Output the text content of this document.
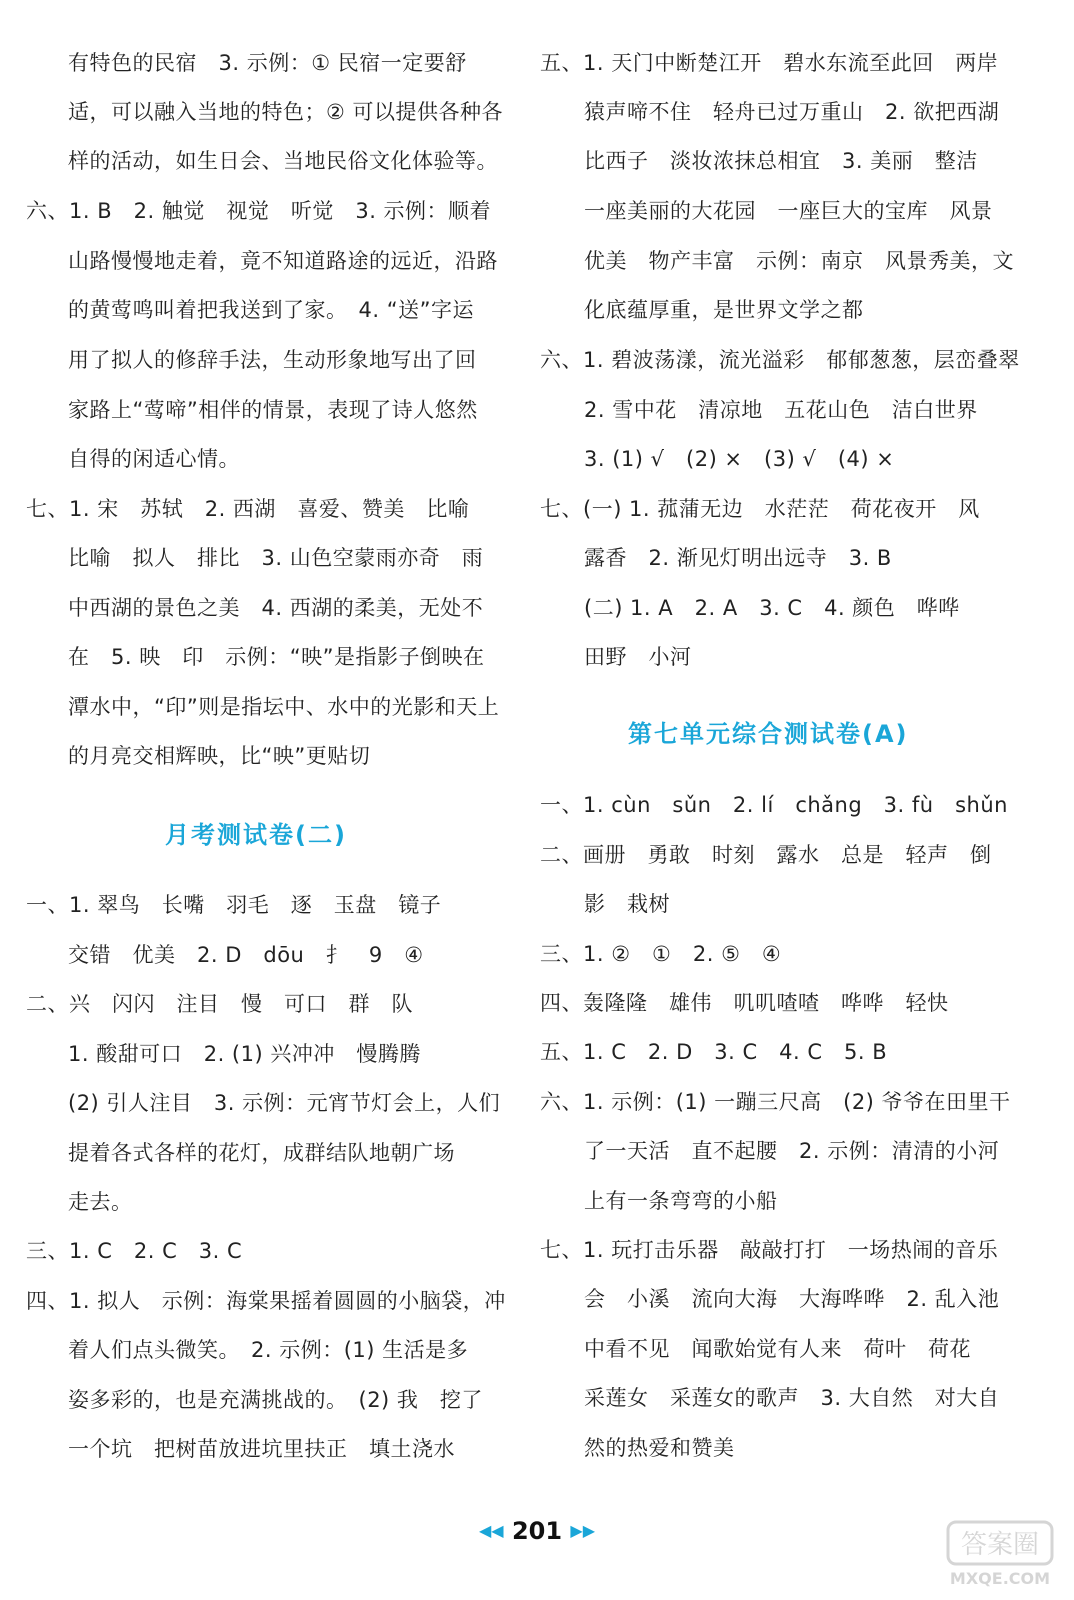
有特色的民宿　3. 示例：① 民宿一定要舒
适，可以融入当地的特色；② 可以提供各种各
样的活动，如生日会、当地民俗文化体验等。
六、1. B　2. 触觉　视觉　听觉　3. 示例：顺着
山路慢慢地走着，竟不知道路途的远近，沿路
的黄莺鸣叫着把我送到了家。　4. “送”字运
用了拟人的修辞手法，生动形象地写出了回
家路上“莺啼”相伴的情景，表现了诗人悠然
自得的闲适心情。
七、1. 宋　苏轼　2. 西湖　喜爱、赞美　比喻
比喻　拟人　排比　3. 山色空蒙雨亦奇　雨
中西湖的景色之美　4. 西湖的柔美，无处不
在　5. 映　印　示例：“映”是指影子倒映在
潭水中，“印”则是指坛中、水中的光影和天上
的月亮交相辉映，比“映”更贴切
一、1. 翠鸟　长嘴　羽毛　逐　玉盘　镜子
交错　优美　2. D　dōu　扌　9　④
二、兴　闪闪　注目　慢　可口　群　队
1. 酸甜可口　2. (1) 兴冲冲　慢腾腾
(2) 引人注目　3. 示例：元宵节灯会上，人们
提着各式各样的花灯，成群结队地朝广场
走去。
三、1. C　2. C　3. C
四、1. 拟人　示例：海棠果摇着圆圆的小脑袋，冲
着人们点头微笑。　2. 示例：(1) 生活是多
姿多彩的，也是充满挑战的。　(2) 我　挖了
一个坑　把树苗放进坑里扶正　填土浇水
月考测试卷(二)
五、1. 天门中断楚江开　碧水东流至此回　两岸
猿声啼不住　轻舟已过万重山　2. 欲把西湖
比西子　淡妆浓抹总相宜　3. 美丽　整洁
一座美丽的大花园　一座巨大的宝库　风景
优美　物产丰富　示例：南京　风景秀美，文
化底蕴厚重，是世界文学之都
六、1. 碧波荡漾，流光溢彩　郁郁葱葱，层峦叠翠
2. 雪中花　清凉地　五花山色　洁白世界
3. (1) √　(2) ×　(3) √　(4) ×
七、(一) 1. 菰蒲无边　水茫茫　荷花夜开　风
露香　2. 渐见灯明出远寺　3. B
(二) 1. A　2. A　3. C　4. 颜色　哗哗
田野　小河
一、1. cùn　sǔn　2. lí　chǎng　3. fù　shǔn
二、画册　勇敢　时刻　露水　总是　轻声　倒
影　栽树
三、1. ②　①　2. ⑤　④
四、轰隆隆　雄伟　叽叽喳喳　哗哗　轻快
五、1. C　2. D　3. C　4. C　5. B
六、1. 示例：(1) 一蹦三尺高　(2) 爷爷在田里干
了一天活　直不起腰　2. 示例：清清的小河
上有一条弯弯的小船
七、1. 玩打击乐器　敲敲打打　一场热闹的音乐
会　小溪　流向大海　大海哗哗　2. 乱入池
中看不见　闻歌始觉有人来　荷叶　荷花
采莲女　采莲女的歌声　3. 大自然　对大自
然的热爱和赞美
第七单元综合测试卷(A)
◀◀ 201 ▶▶	答案圈
MXQE.COM
